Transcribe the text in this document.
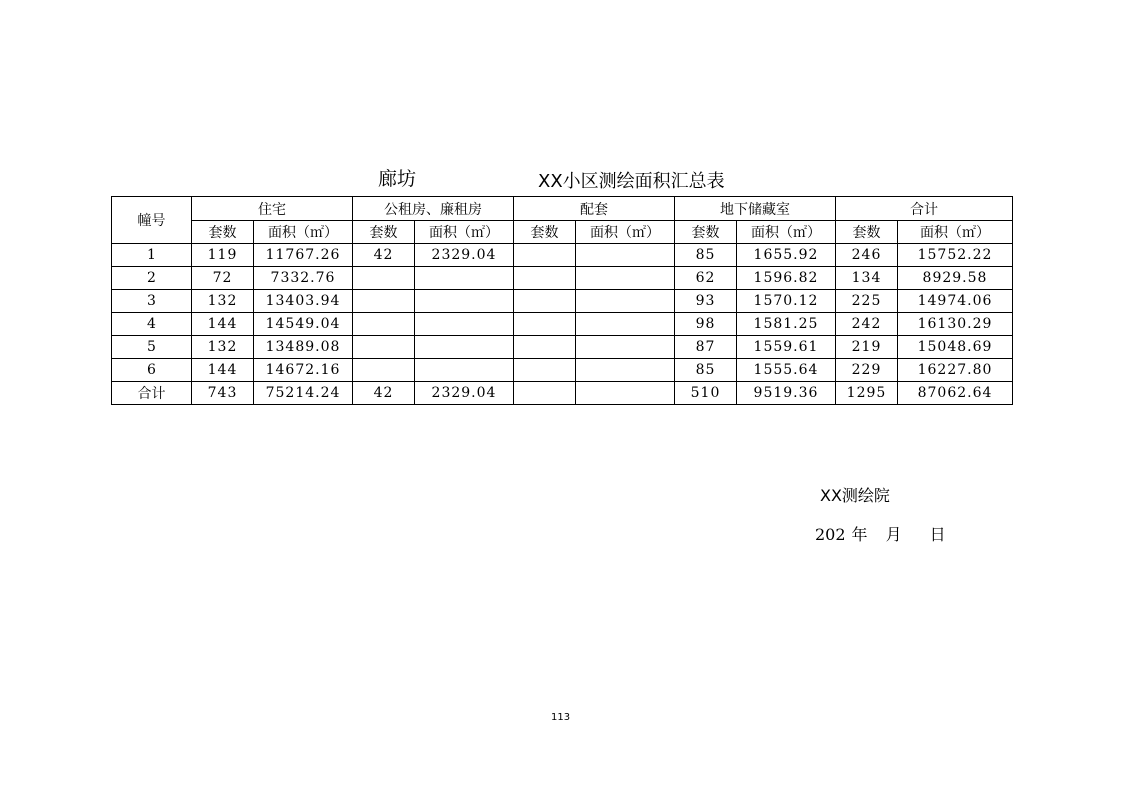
廊坊	XX小区测绘面积汇总表
幢号	住宅		公租房、廉租房		配套		地下储藏室		合计	
	套数	面积（㎡）	套数	面积（㎡）	套数	面积（㎡）	套数	面积（㎡）	套数	面积（㎡）
1	119	11767.26	42	2329.04			85	1655.92	246	15752.22
2	72	7332.76					62	1596.82	134	8929.58
3	132	13403.94					93	1570.12	225	14974.06
4	144	14549.04					98	1581.25	242	16130.29
5	132	13489.08					87	1559.61	219	15048.69
6	144	14672.16					85	1555.64	229	16227.80
合计	743	75214.24	42	2329.04			510	9519.36	1295	87062.64
XX测绘院
202 年 月 日
113
